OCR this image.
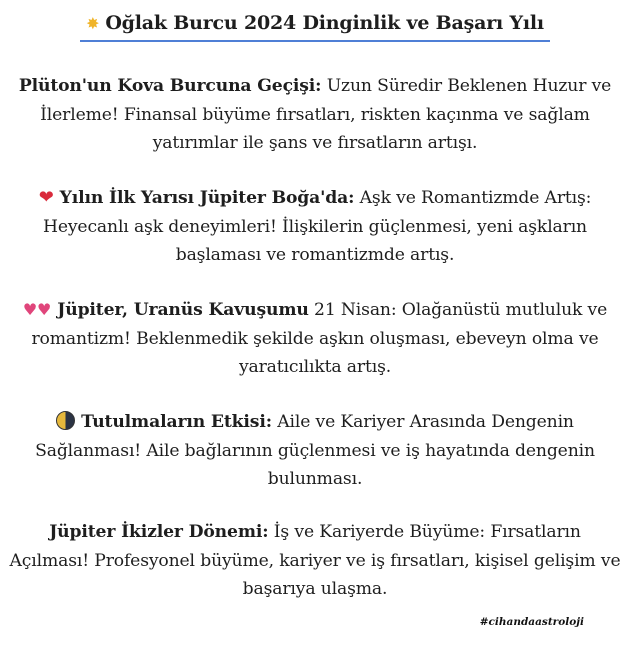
✸ Oğlak Burcu 2024 Dinginlik ve Başarı Yılı
Plüton'un Kova Burcuna Geçişi: Uzun Süredir Beklenen Huzur ve İlerleme! Finansal büyüme fırsatları, riskten kaçınma ve sağlam yatırımlar ile şans ve fırsatların artışı.
❤ Yılın İlk Yarısı Jüpiter Boğa'da: Aşk ve Romantizmde Artış: Heyecanlı aşk deneyimleri! İlişkilerin güçlenmesi, yeni aşkların başlaması ve romantizmde artış.
♥♥ Jüpiter, Uranüs Kavuşumu 21 Nisan: Olağanüstü mutluluk ve romantizm! Beklenmedik şekilde aşkın oluşması, ebeveyn olma ve yaratıcılıkta artış.
Tutulmaların Etkisi: Aile ve Kariyer Arasında Dengenin Sağlanması! Aile bağlarının güçlenmesi ve iş hayatında dengenin bulunması.
Jüpiter İkizler Dönemi: İş ve Kariyerde Büyüme: Fırsatların Açılması! Profesyonel büyüme, kariyer ve iş fırsatları, kişisel gelişim ve başarıya ulaşma.
#cihandaastroloji
